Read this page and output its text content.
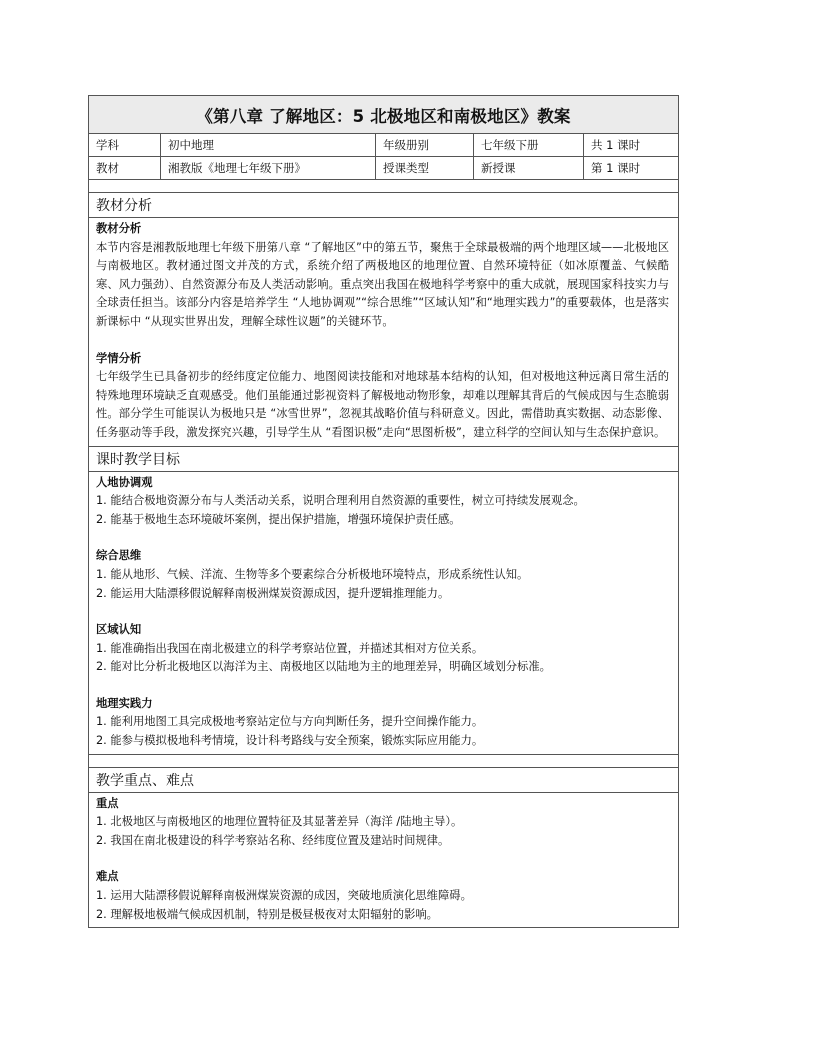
《第八章 了解地区：5 北极地区和南极地区》教案
学科	初中地理	年级册别	七年级下册	共 1 课时
教材	湘教版《地理七年级下册》	授课类型	新授课	第 1 课时
教材分析
教材分析
本节内容是湘教版地理七年级下册第八章 “了解地区”中的第五节，聚焦于全球最极端的两个地理区域——北极地区与南极地区。教材通过图文并茂的方式，系统介绍了两极地区的地理位置、自然环境特征（如冰原覆盖、气候酷寒、风力强劲）、自然资源分布及人类活动影响。重点突出我国在极地科学考察中的重大成就，展现国家科技实力与全球责任担当。该部分内容是培养学生 “人地协调观”“综合思维”“区域认知”和“地理实践力”的重要载体，也是落实新课标中 “从现实世界出发，理解全球性议题”的关键环节。
学情分析
七年级学生已具备初步的经纬度定位能力、地图阅读技能和对地球基本结构的认知，但对极地这种远离日常生活的特殊地理环境缺乏直观感受。他们虽能通过影视资料了解极地动物形象，却难以理解其背后的气候成因与生态脆弱性。部分学生可能误认为极地只是 “冰雪世界”，忽视其战略价值与科研意义。因此，需借助真实数据、动态影像、任务驱动等手段，激发探究兴趣，引导学生从 “看图识极”走向“思图析极”，建立科学的空间认知与生态保护意识。
课时教学目标
人地协调观
1. 能结合极地资源分布与人类活动关系，说明合理利用自然资源的重要性，树立可持续发展观念。
2. 能基于极地生态环境破坏案例，提出保护措施，增强环境保护责任感。
综合思维
1. 能从地形、气候、洋流、生物等多个要素综合分析极地环境特点，形成系统性认知。
2. 能运用大陆漂移假说解释南极洲煤炭资源成因，提升逻辑推理能力。
区域认知
1. 能准确指出我国在南北极建立的科学考察站位置，并描述其相对方位关系。
2. 能对比分析北极地区以海洋为主、南极地区以陆地为主的地理差异，明确区域划分标准。
地理实践力
1. 能利用地图工具完成极地考察站定位与方向判断任务，提升空间操作能力。
2. 能参与模拟极地科考情境，设计科考路线与安全预案，锻炼实际应用能力。
教学重点、难点
重点
1. 北极地区与南极地区的地理位置特征及其显著差异（海洋 /陆地主导）。
2. 我国在南北极建设的科学考察站名称、经纬度位置及建站时间规律。
难点
1. 运用大陆漂移假说解释南极洲煤炭资源的成因，突破地质演化思维障碍。
2. 理解极地极端气候成因机制，特别是极昼极夜对太阳辐射的影响。
